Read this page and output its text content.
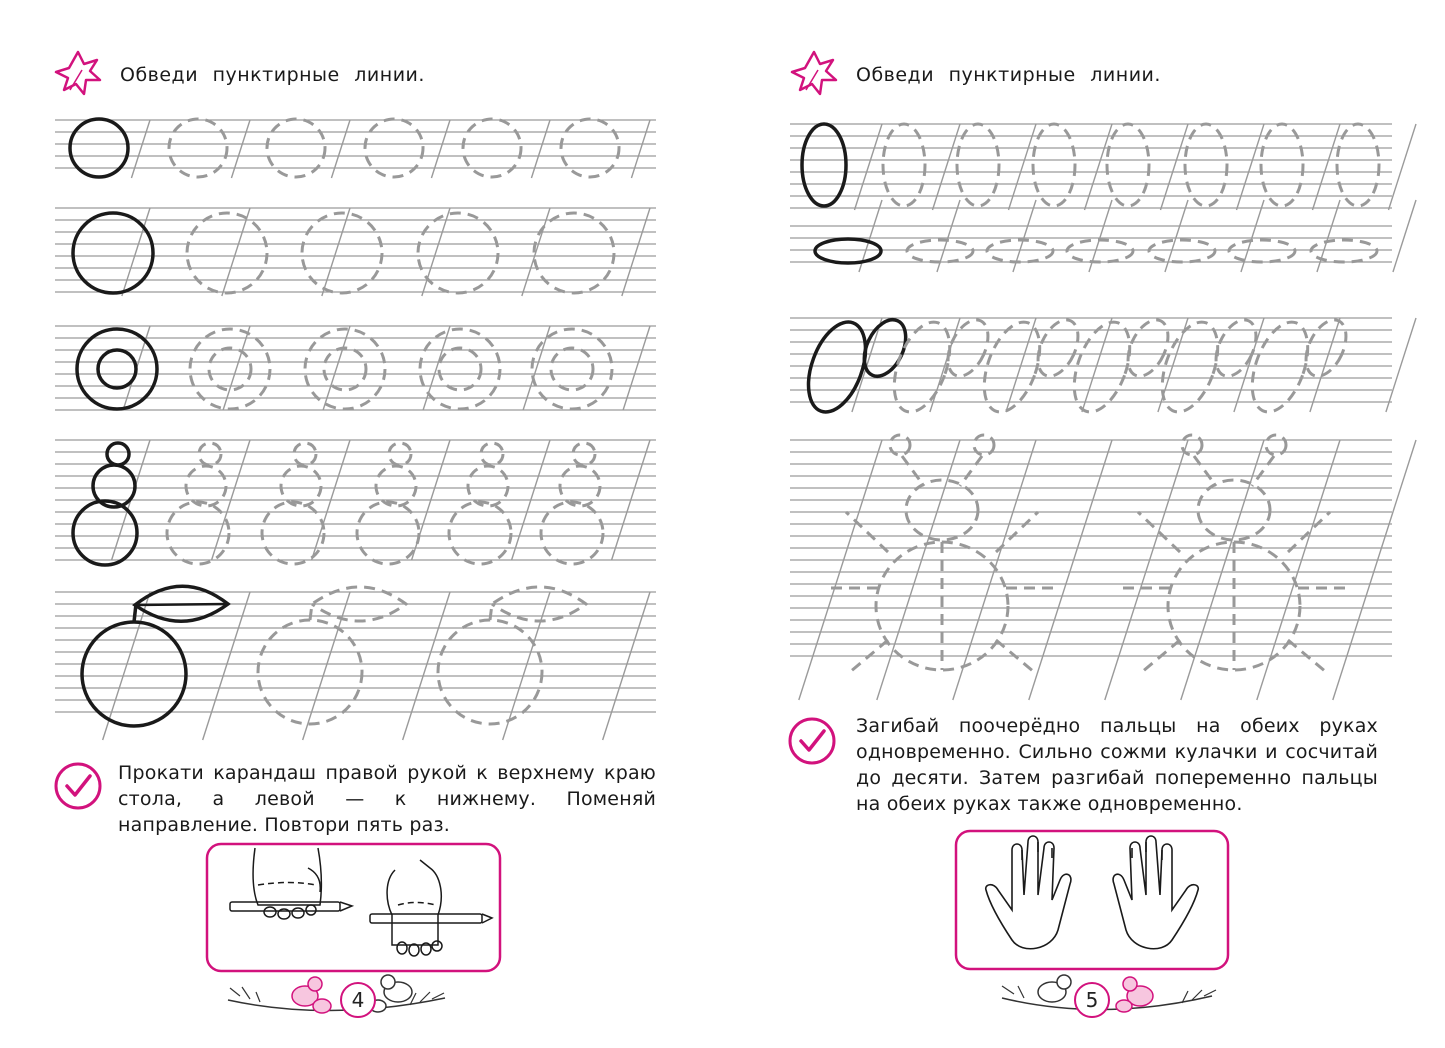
Обведи пунктирные линии.

Прокати карандаш правой рукой к верхнему краю стола, а левой — к нижнему. Поменяй направление. Повтори пять раз.

4

Обведи пунктирные линии.

Загибай поочерёдно пальцы на обеих руках одновременно. Сильно сожми кулачки и сосчитай до десяти. Затем разгибай попеременно пальцы на обеих руках также одновременно.

5
